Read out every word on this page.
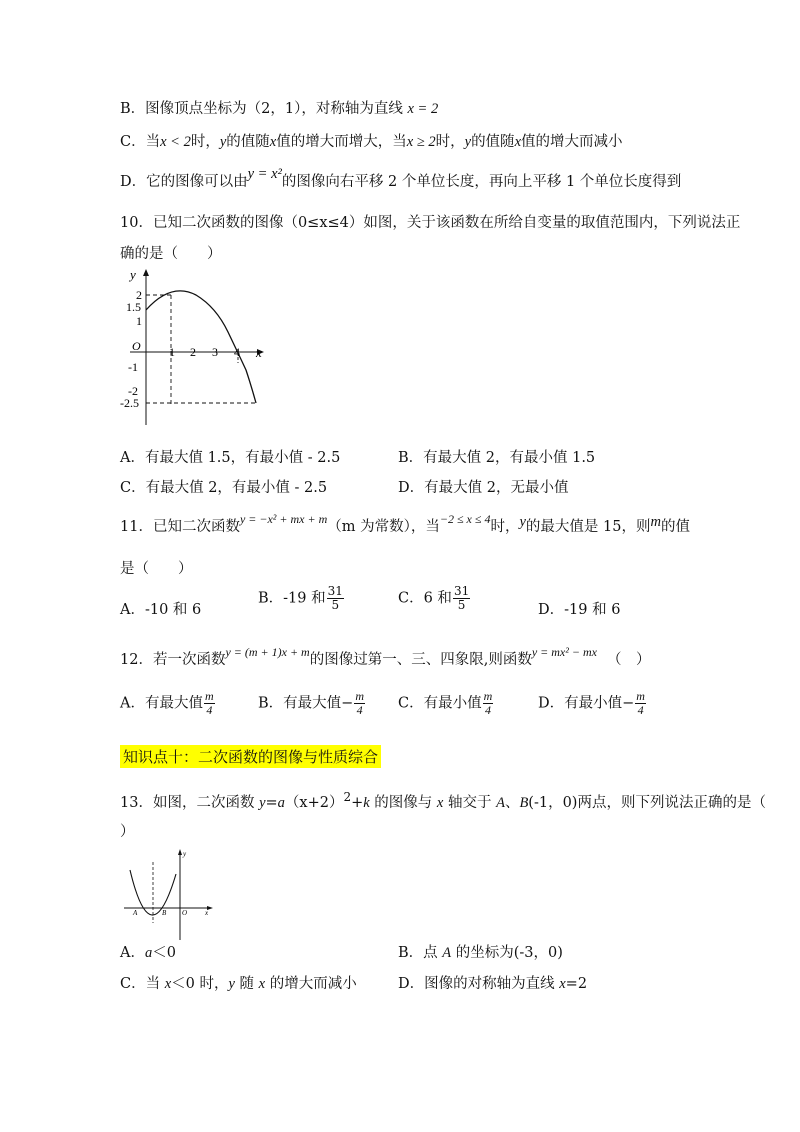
B．图像顶点坐标为（2，1），对称轴为直线 x = 2
C．当x < 2时，y的值随x值的增大而增大，当x ≥ 2时，y的值随x值的增大而减小
D．它的图像可以由y = x²的图像向右平移 2 个单位长度，再向上平移 1 个单位长度得到
10．已知二次函数的图像（0≤x≤4）如图，关于该函数在所给自变量的取值范围内，下列说法正
确的是（　　）
y
x
O
2
1.5
1
-1
-2
-2.5
1 2 3 4
A．有最大值 1.5，有最小值 - 2.5	B．有最大值 2，有最小值 1.5
C．有最大值 2，有最小值 - 2.5	D．有最大值 2，无最小值
11．已知二次函数$^{y = -x^2 + mx + m}$（m 为常数），当$^{-2 \le x \le 4}$时，y的最大值是 15，则m的值
是（　　）
A．-10 和 6
B．-19 和 $\frac{31}{5}$	C．6 和 $\frac{31}{5}$	D．-19 和 6
12．若一次函数$^{y = (m + 1)x + m}$的图像过第一、三、四象限,则函数$^{y = mx^2 - mx}$ （　）
A．有最大值 $\frac{m}{4}$	B．有最大值− $\frac{m}{4}$ C．有最小值 $\frac{m}{4}$	D．有最小值− $\frac{m}{4}$
知识点十：二次函数的图像与性质综合
13．如图，二次函数 $y=a(x+2)^2+k$ 的图像与 x 轴交于 A、B(-1，0)两点，则下列说法正确的是（
）
A	B O	x
y
A．a＜0	B．点 A 的坐标为(-3，0)
C．当 x＜0 时，y 随 x 的增大而减小	D．图像的对称轴为直线 x=2
